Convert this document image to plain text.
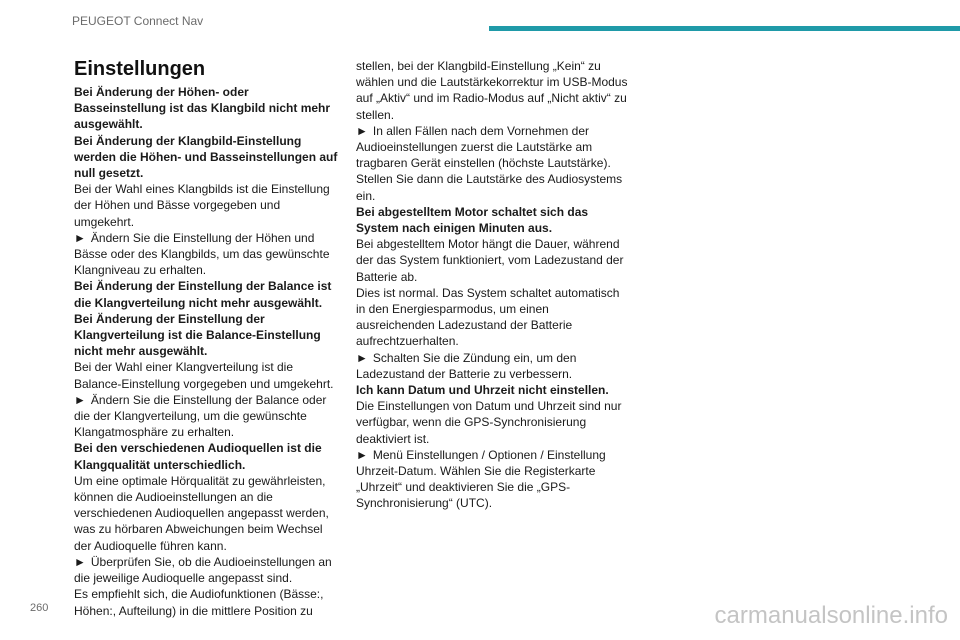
PEUGEOT Connect Nav
Einstellungen
Bei Änderung der Höhen- oder Basseinstellung ist das Klangbild nicht mehr ausgewählt.
Bei Änderung der Klangbild-Einstellung werden die Höhen- und Basseinstellungen auf null gesetzt.
Bei der Wahl eines Klangbilds ist die Einstellung der Höhen und Bässe vorgegeben und umgekehrt.
► Ändern Sie die Einstellung der Höhen und Bässe oder des Klangbilds, um das gewünschte Klangniveau zu erhalten.
Bei Änderung der Einstellung der Balance ist die Klangverteilung nicht mehr ausgewählt.
Bei Änderung der Einstellung der Klangverteilung ist die Balance-Einstellung nicht mehr ausgewählt.
Bei der Wahl einer Klangverteilung ist die Balance-Einstellung vorgegeben und umgekehrt.
► Ändern Sie die Einstellung der Balance oder die der Klangverteilung, um die gewünschte Klangatmosphäre zu erhalten.
Bei den verschiedenen Audioquellen ist die Klangqualität unterschiedlich.
Um eine optimale Hörqualität zu gewährleisten, können die Audioeinstellungen an die verschiedenen Audioquellen angepasst werden, was zu hörbaren Abweichungen beim Wechsel der Audioquelle führen kann.
► Überprüfen Sie, ob die Audioeinstellungen an die jeweilige Audioquelle angepasst sind.
Es empfiehlt sich, die Audiofunktionen (Bässe:, Höhen:, Aufteilung) in die mittlere Position zu
stellen, bei der Klangbild-Einstellung „Kein“ zu wählen und die Lautstärkekorrektur im USB-Modus auf „Aktiv“ und im Radio-Modus auf „Nicht aktiv“ zu stellen.
► In allen Fällen nach dem Vornehmen der Audioeinstellungen zuerst die Lautstärke am tragbaren Gerät einstellen (höchste Lautstärke). Stellen Sie dann die Lautstärke des Audiosystems ein.
Bei abgestelltem Motor schaltet sich das System nach einigen Minuten aus.
Bei abgestelltem Motor hängt die Dauer, während der das System funktioniert, vom Ladezustand der Batterie ab.
Dies ist normal. Das System schaltet automatisch in den Energiesparmodus, um einen ausreichenden Ladezustand der Batterie aufrechtzuerhalten.
► Schalten Sie die Zündung ein, um den Ladezustand der Batterie zu verbessern.
Ich kann Datum und Uhrzeit nicht einstellen.
Die Einstellungen von Datum und Uhrzeit sind nur verfügbar, wenn die GPS-Synchronisierung deaktiviert ist.
► Menü Einstellungen / Optionen / Einstellung Uhrzeit-Datum. Wählen Sie die Registerkarte „Uhrzeit“ und deaktivieren Sie die „GPS-Synchronisierung“ (UTC).
260	carmanualsonline.info
